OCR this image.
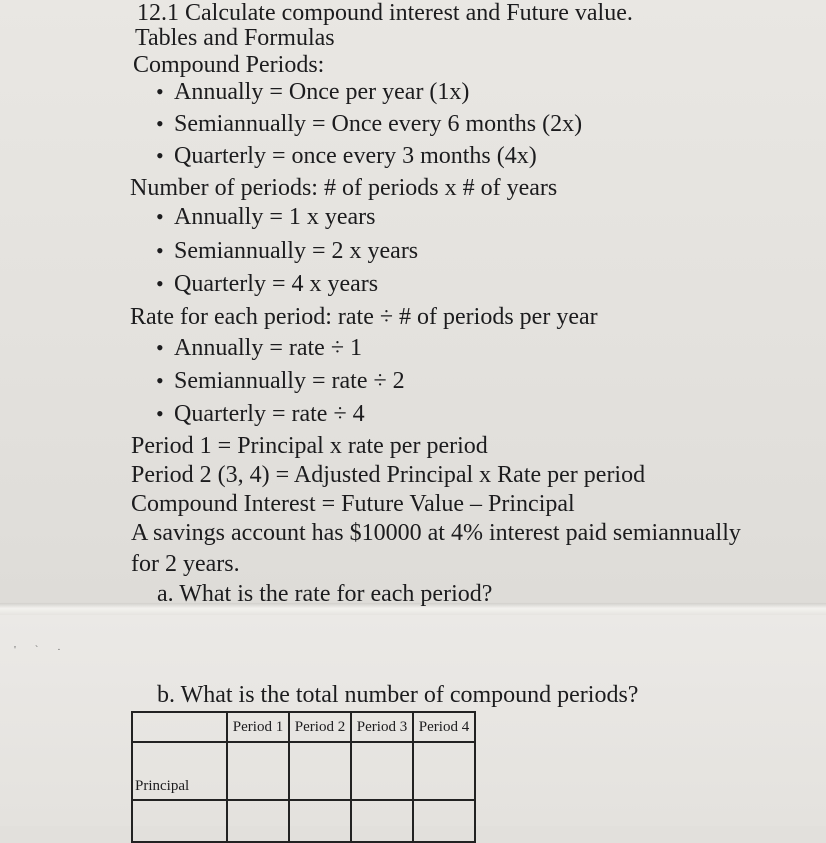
' ` ·
12.1 Calculate compound interest and Future value.
Tables and Formulas
Compound Periods:
• Annually = Once per year (1x)
• Semiannually = Once every 6 months (2x)
• Quarterly = once every 3 months (4x)
Number of periods: # of periods x # of years
• Annually = 1 x years
• Semiannually = 2 x years
• Quarterly = 4 x years
Rate for each period: rate ÷ # of periods per year
• Annually = rate ÷ 1
• Semiannually = rate ÷ 2
• Quarterly = rate ÷ 4
Period 1 = Principal x rate per period
Period 2 (3, 4) = Adjusted Principal x Rate per period
Compound Interest = Future Value – Principal
A savings account has $10000 at 4% interest paid semiannually
for 2 years.
a. What is the rate for each period?
b. What is the total number of compound periods?
	Period 1	Period 2	Period 3	Period 4
Principal				
